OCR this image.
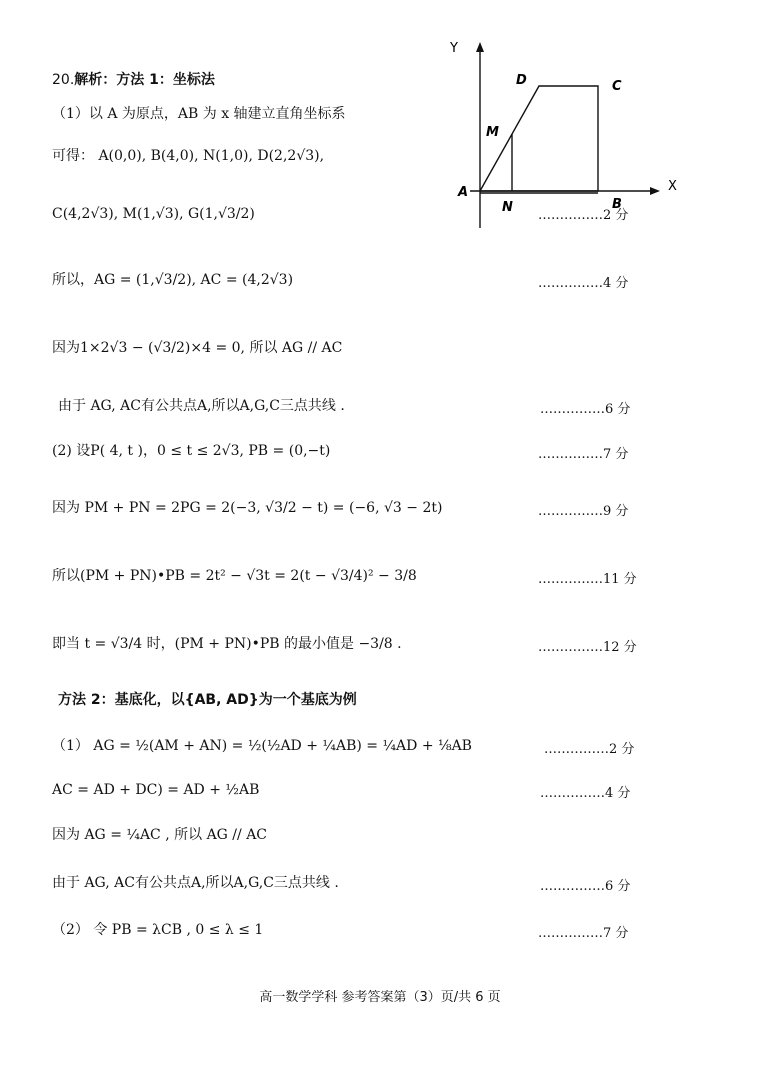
Y
X
A
B
C
D
M
N
20.解析：方法 1：坐标法
（1）以 A 为原点，AB 为 x 轴建立直角坐标系
可得： A(0,0), B(4,0), N(1,0), D(2,2√3),
C(4,2√3), M(1,√3), G(1,√3/2)	……………2 分
所以，AG = (1,√3/2), AC = (4,2√3)	……………4 分
因为1×2√3 − (√3/2)×4 = 0, 所以 AG // AC
由于 AG, AC有公共点A,所以A,G,C三点共线 .	……………6 分
(2) 设P( 4, t )，0 ≤ t ≤ 2√3, PB = (0,−t)	……………7 分
因为 PM + PN = 2PG = 2(−3, √3/2 − t) = (−6, √3 − 2t)	……………9 分
所以(PM + PN)•PB = 2t² − √3t = 2(t − √3/4)² − 3/8	……………11 分
即当 t = √3/4 时，(PM + PN)•PB 的最小值是 −3/8 .	……………12 分
方法 2：基底化，以{AB, AD}为一个基底为例
（1） AG = ½(AM + AN) = ½(½AD + ¼AB) = ¼AD + ⅛AB	……………2 分
AC = AD + DC) = AD + ½AB	……………4 分
因为 AG = ¼AC , 所以 AG // AC
由于 AG, AC有公共点A,所以A,G,C三点共线 .	……………6 分
（2） 令 PB = λCB , 0 ≤ λ ≤ 1	……………7 分
高一数学学科 参考答案第（3）页/共 6 页
